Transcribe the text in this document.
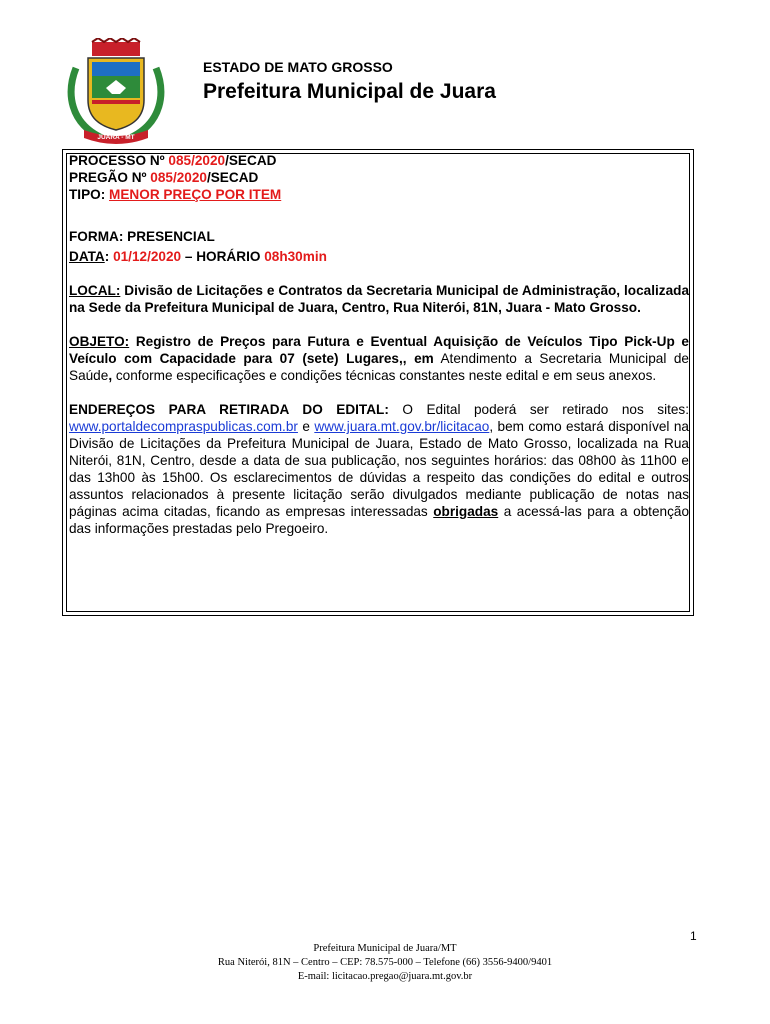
JUARA - MT
ESTADO DE MATO GROSSO
Prefeitura Municipal de Juara

PROCESSO Nº 085/2020/SECAD

PREGÃO Nº 085/2020/SECAD

TIPO: MENOR PREÇO POR ITEM

FORMA: PRESENCIAL

DATA: 01/12/2020 – HORÁRIO 08h30min

LOCAL: Divisão de Licitações e Contratos da Secretaria Municipal de Administração, localizada na Sede da Prefeitura Municipal de Juara, Centro, Rua Niterói, 81N, Juara - Mato Grosso.

OBJETO: Registro de Preços para Futura e Eventual Aquisição de Veículos Tipo Pick-Up e Veículo com Capacidade para 07 (sete) Lugares,, em Atendimento a Secretaria Municipal de Saúde, conforme especificações e condições técnicas constantes neste edital e em seus anexos.

ENDEREÇOS PARA RETIRADA DO EDITAL: O Edital poderá ser retirado nos sites: www.portaldecompraspublicas.com.br e www.juara.mt.gov.br/licitacao, bem como estará disponível na Divisão de Licitações da Prefeitura Municipal de Juara, Estado de Mato Grosso, localizada na Rua Niterói, 81N, Centro, desde a data de sua publicação, nos seguintes horários: das 08h00 às 11h00 e das 13h00 às 15h00. Os esclarecimentos de dúvidas a respeito das condições do edital e outros assuntos relacionados à presente licitação serão divulgados mediante publicação de notas nas páginas acima citadas, ficando as empresas interessadas obrigadas a acessá-las para a obtenção das informações prestadas pelo Pregoeiro.

1
Prefeitura Municipal de Juara/MT
Rua Niterói, 81N – Centro – CEP: 78.575-000 – Telefone (66) 3556-9400/9401
E-mail: licitacao.pregao@juara.mt.gov.br
